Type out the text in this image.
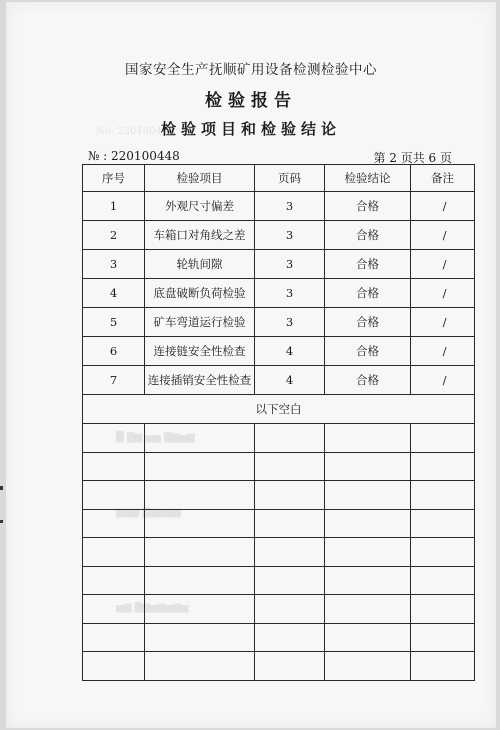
No: 220100448
█ ▇▆ ▅▅ ▇▆▅▆
▆▅▆ ▇▆▅▆▅
▅▆ ▇▆▅▆▅▆▅
国家安全生产抚顺矿用设备检测检验中心
检验报告
检验项目和检验结论
№ : 220100448	第 2 页共 6 页
序号	检验项目	页码	检验结论	备注
1	外观尺寸偏差	3	合格	/
2	车箱口对角线之差	3	合格	/
3	轮轨间隙	3	合格	/
4	底盘破断负荷检验	3	合格	/
5	矿车弯道运行检验	3	合格	/
6	连接链安全性检查	4	合格	/
7	连接插销安全性检查	4	合格	/
以下空白				
